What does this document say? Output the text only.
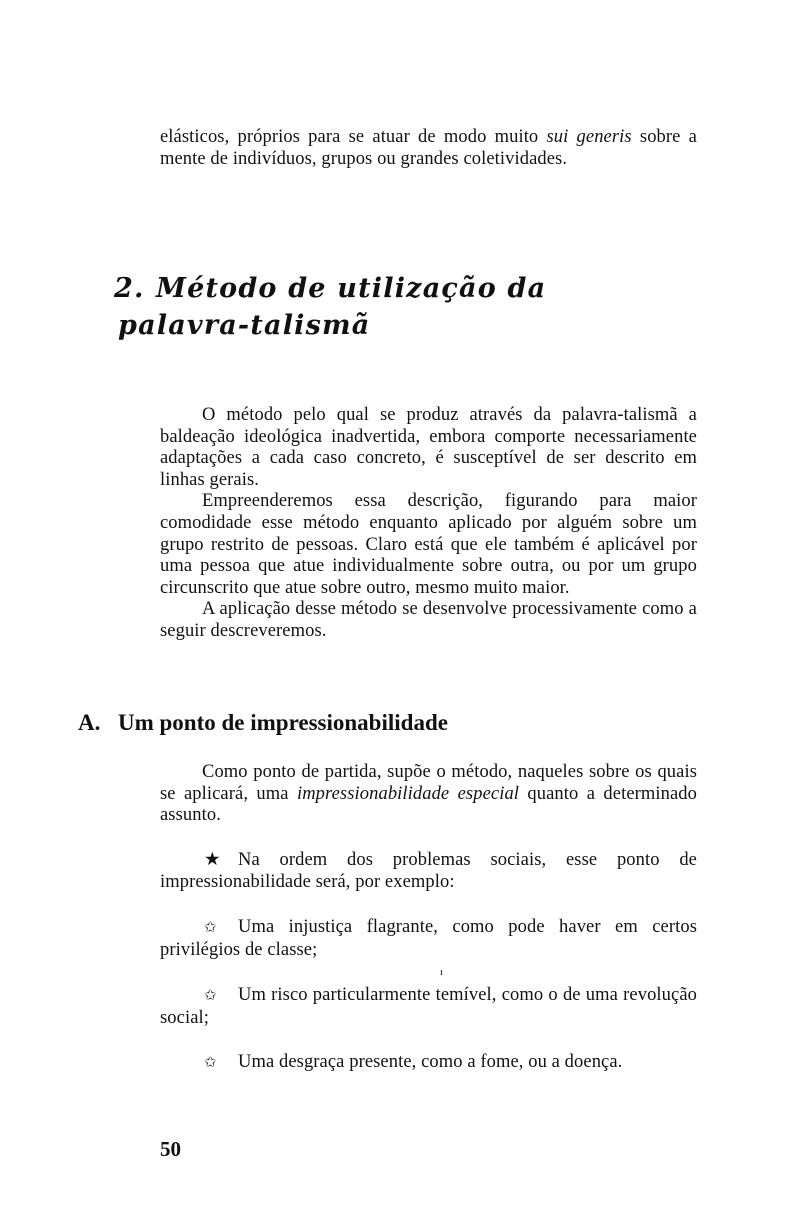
elásticos, próprios para se atuar de modo muito sui generis sobre a mente de indivíduos, grupos ou grandes coletividades.

2. Método de utilização da
palavra-talismã

O método pelo qual se produz através da palavra-talismã a baldeação ideológica inadvertida, embora comporte necessariamente adaptações a cada caso concreto, é susceptível de ser descrito em linhas gerais.

Empreenderemos essa descrição, figurando para maior comodidade esse método enquanto aplicado por alguém sobre um grupo restrito de pessoas. Claro está que ele também é aplicável por uma pessoa que atue individualmente sobre outra, ou por um grupo circunscrito que atue sobre outro, mesmo muito maior.

A aplicação desse método se desenvolve processivamente como a seguir descreveremos.

A. Um ponto de impressionabilidade

Como ponto de partida, supõe o método, naqueles sobre os quais se aplicará, uma impressionabilidade especial quanto a determinado assunto.

★ Na ordem dos problemas sociais, esse ponto de impressionabilidade será, por exemplo:

✩ Uma injustiça flagrante, como pode haver em certos privilégios de classe;

ı

✩ Um risco particularmente temível, como o de uma revolução social;

✩ Uma desgraça presente, como a fome, ou a doença.

50
